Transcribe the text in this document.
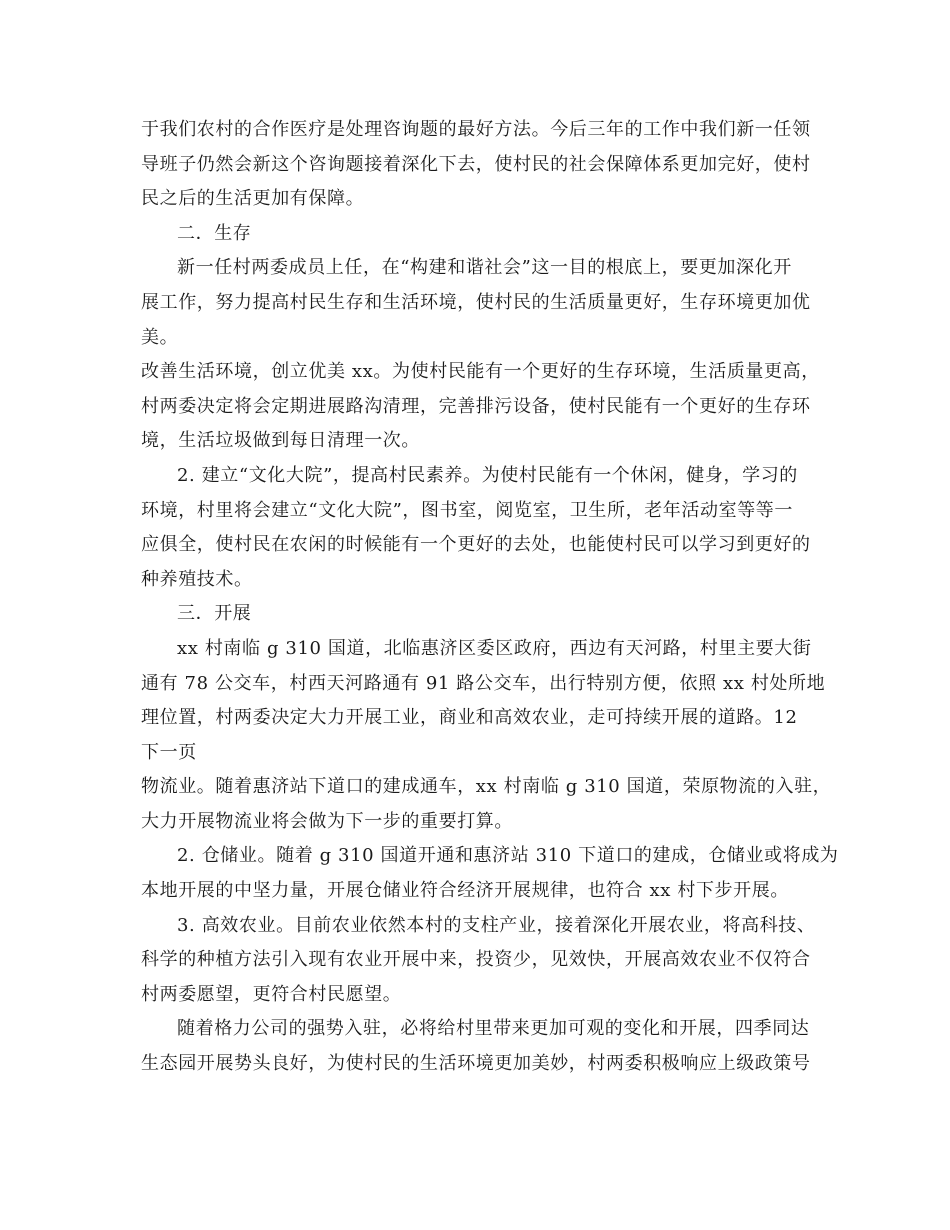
于我们农村的合作医疗是处理咨询题的最好方法。今后三年的工作中我们新一任领
导班子仍然会新这个咨询题接着深化下去，使村民的社会保障体系更加完好，使村
民之后的生活更加有保障。
二．生存
新一任村两委成员上任，在“构建和谐社会”这一目的根底上，要更加深化开
展工作，努力提高村民生存和生活环境，使村民的生活质量更好，生存环境更加优
美。
改善生活环境，创立优美 xx。为使村民能有一个更好的生存环境，生活质量更高，
村两委决定将会定期进展路沟清理，完善排污设备，使村民能有一个更好的生存环
境，生活垃圾做到每日清理一次。
2. 建立“文化大院”，提高村民素养。为使村民能有一个休闲，健身，学习的
环境，村里将会建立“文化大院”，图书室，阅览室，卫生所，老年活动室等等一
应俱全，使村民在农闲的时候能有一个更好的去处，也能使村民可以学习到更好的
种养殖技术。
三．开展
xx 村南临 g 310 国道，北临惠济区委区政府，西边有天河路，村里主要大街
通有 78 公交车，村西天河路通有 91 路公交车，出行特别方便，依照 xx 村处所地
理位置，村两委决定大力开展工业，商业和高效农业，走可持续开展的道路。12
下一页
物流业。随着惠济站下道口的建成通车，xx 村南临 g 310 国道，荣原物流的入驻，
大力开展物流业将会做为下一步的重要打算。
2. 仓储业。随着 g 310 国道开通和惠济站 310 下道口的建成，仓储业或将成为
本地开展的中坚力量，开展仓储业符合经济开展规律，也符合 xx 村下步开展。
3. 高效农业。目前农业依然本村的支柱产业，接着深化开展农业，将高科技、
科学的种植方法引入现有农业开展中来，投资少，见效快，开展高效农业不仅符合
村两委愿望，更符合村民愿望。
随着格力公司的强势入驻，必将给村里带来更加可观的变化和开展，四季同达
生态园开展势头良好，为使村民的生活环境更加美妙，村两委积极响应上级政策号
